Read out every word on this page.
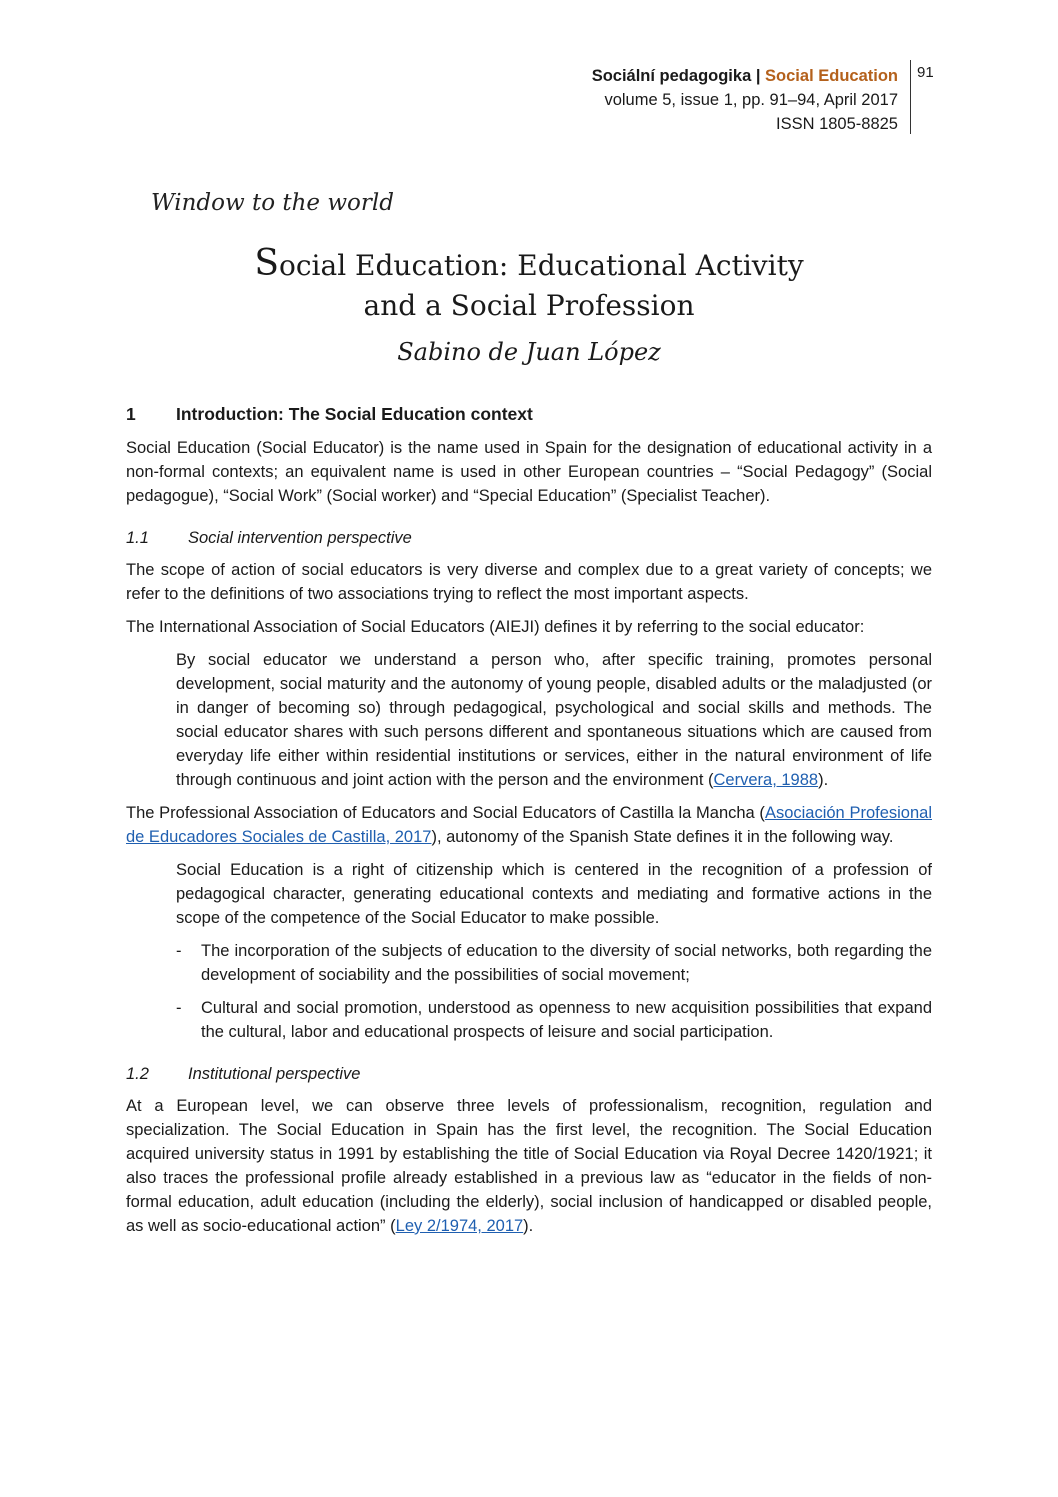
Sociální pedagogika | Social Education
volume 5, issue 1, pp. 91–94, April 2017
ISSN 1805-8825
91
Window to the world
Social Education: Educational Activity
and a Social Profession
Sabino de Juan López
1	Introduction: The Social Education context

Social Education (Social Educator) is the name used in Spain for the designation of educational activity in a non-formal contexts; an equivalent name is used in other European countries – “Social Pedagogy” (Social pedagogue), “Social Work” (Social worker) and “Special Education” (Specialist Teacher).

1.1	Social intervention perspective

The scope of action of social educators is very diverse and complex due to a great variety of concepts; we refer to the definitions of two associations trying to reflect the most important aspects.

The International Association of Social Educators (AIEJI) defines it by referring to the social educator:

By social educator we understand a person who, after specific training, promotes personal development, social maturity and the autonomy of young people, disabled adults or the maladjusted (or in danger of becoming so) through pedagogical, psychological and social skills and methods. The social educator shares with such persons different and spontaneous situations which are caused from everyday life either within residential institutions or services, either in the natural environment of life through continuous and joint action with the person and the environment (Cervera, 1988).

The Professional Association of Educators and Social Educators of Castilla la Mancha (Asociación Profesional de Educadores Sociales de Castilla, 2017), autonomy of the Spanish State defines it in the following way.

Social Education is a right of citizenship which is centered in the recognition of a profession of pedagogical character, generating educational contexts and mediating and formative actions in the scope of the competence of the Social Educator to make possible.
-	The incorporation of the subjects of education to the diversity of social networks, both regarding the development of sociability and the possibilities of social movement;
-	Cultural and social promotion, understood as openness to new acquisition possibilities that expand the cultural, labor and educational prospects of leisure and social participation.
1.2	Institutional perspective

At a European level, we can observe three levels of professionalism, recognition, regulation and specialization. The Social Education in Spain has the first level, the recognition. The Social Education acquired university status in 1991 by establishing the title of Social Education via Royal Decree 1420/1921; it also traces the professional profile already established in a previous law as “educator in the fields of non-formal education, adult education (including the elderly), social inclusion of handicapped or disabled people, as well as socio-educational action” (Ley 2/1974, 2017).
